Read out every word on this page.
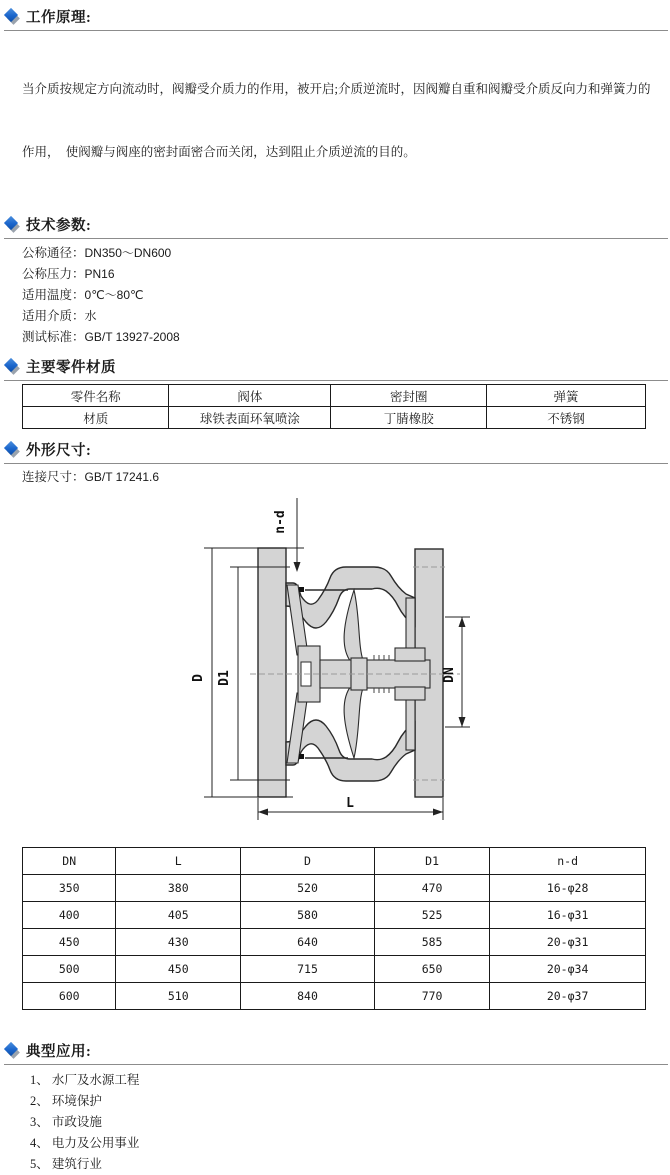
工作原理:

当介质按规定方向流动时，阀瓣受介质力的作用，被开启;介质逆流时，因阀瓣自重和阀瓣受介质反向力和弹簧力的

作用，  使阀瓣与阀座的密封面密合而关闭，达到阻止介质逆流的目的。

技术参数:
公称通径：DN350～DN600
公称压力：PN16
适用温度：0℃～80℃
适用介质：水
测试标准：GB/T 13927-2008
主要零件材质
零件名称	阀体	密封圈	弹簧
材质	球铁表面环氧喷涂	丁腈橡胶	不锈钢
外形尺寸:
连接尺寸：GB/T 17241.6
D D1
n-d
DN
L
DN	L	D	D1	n-d
350	380	520	470	16-φ28
400	405	580	525	16-φ31
450	430	640	585	20-φ31
500	450	715	650	20-φ34
600	510	840	770	20-φ37
典型应用:
1、 水厂及水源工程
2、 环境保护
3、 市政设施
4、 电力及公用事业
5、 建筑行业
